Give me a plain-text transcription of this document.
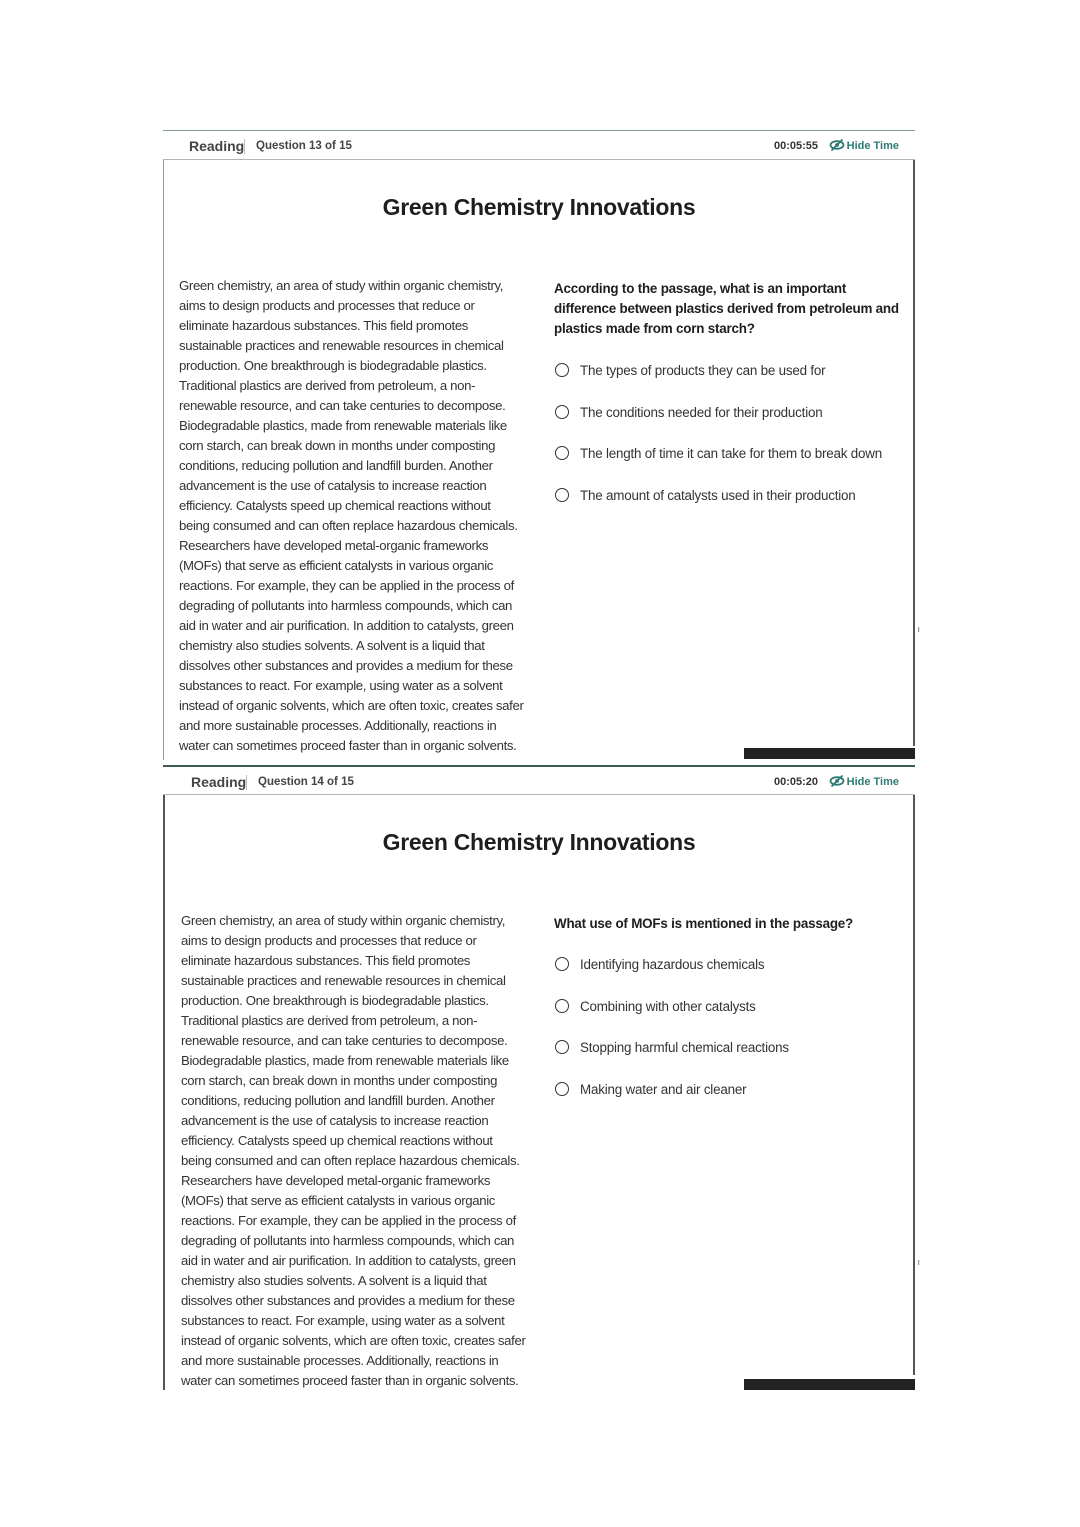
Reading Question 13 of 15	00:05:55	Hide Time
ı
Green Chemistry Innovations
Green chemistry, an area of study within organic chemistry, aims to design products and processes that reduce or eliminate hazardous substances. This field promotes sustainable practices and renewable resources in chemical production. One breakthrough is biodegradable plastics. Traditional plastics are derived from petroleum, a non-renewable resource, and can take centuries to decompose. Biodegradable plastics, made from renewable materials like corn starch, can break down in months under composting conditions, reducing pollution and landfill burden. Another advancement is the use of catalysis to increase reaction efficiency. Catalysts speed up chemical reactions without being consumed and can often replace hazardous chemicals. Researchers have developed metal-organic frameworks (MOFs) that serve as efficient catalysts in various organic reactions. For example, they can be applied in the process of degrading of pollutants into harmless compounds, which can aid in water and air purification. In addition to catalysts, green chemistry also studies solvents. A solvent is a liquid that dissolves other substances and provides a medium for these substances to react. For example, using water as a solvent instead of organic solvents, which are often toxic, creates safer and more sustainable processes. Additionally, reactions in water can sometimes proceed faster than in organic solvents.
According to the passage, what is an important difference between plastics derived from petroleum and plastics made from corn starch?
The types of products they can be used for
The conditions needed for their production
The length of time it can take for them to break down
The amount of catalysts used in their production
Reading Question 14 of 15	00:05:20	Hide Time
ı
Green Chemistry Innovations
Green chemistry, an area of study within organic chemistry, aims to design products and processes that reduce or eliminate hazardous substances. This field promotes sustainable practices and renewable resources in chemical production. One breakthrough is biodegradable plastics. Traditional plastics are derived from petroleum, a non-renewable resource, and can take centuries to decompose. Biodegradable plastics, made from renewable materials like corn starch, can break down in months under composting conditions, reducing pollution and landfill burden. Another advancement is the use of catalysis to increase reaction efficiency. Catalysts speed up chemical reactions without being consumed and can often replace hazardous chemicals. Researchers have developed metal-organic frameworks (MOFs) that serve as efficient catalysts in various organic reactions. For example, they can be applied in the process of degrading of pollutants into harmless compounds, which can aid in water and air purification. In addition to catalysts, green chemistry also studies solvents. A solvent is a liquid that dissolves other substances and provides a medium for these substances to react. For example, using water as a solvent instead of organic solvents, which are often toxic, creates safer and more sustainable processes. Additionally, reactions in water can sometimes proceed faster than in organic solvents.
What use of MOFs is mentioned in the passage?
Identifying hazardous chemicals
Combining with other catalysts
Stopping harmful chemical reactions
Making water and air cleaner
